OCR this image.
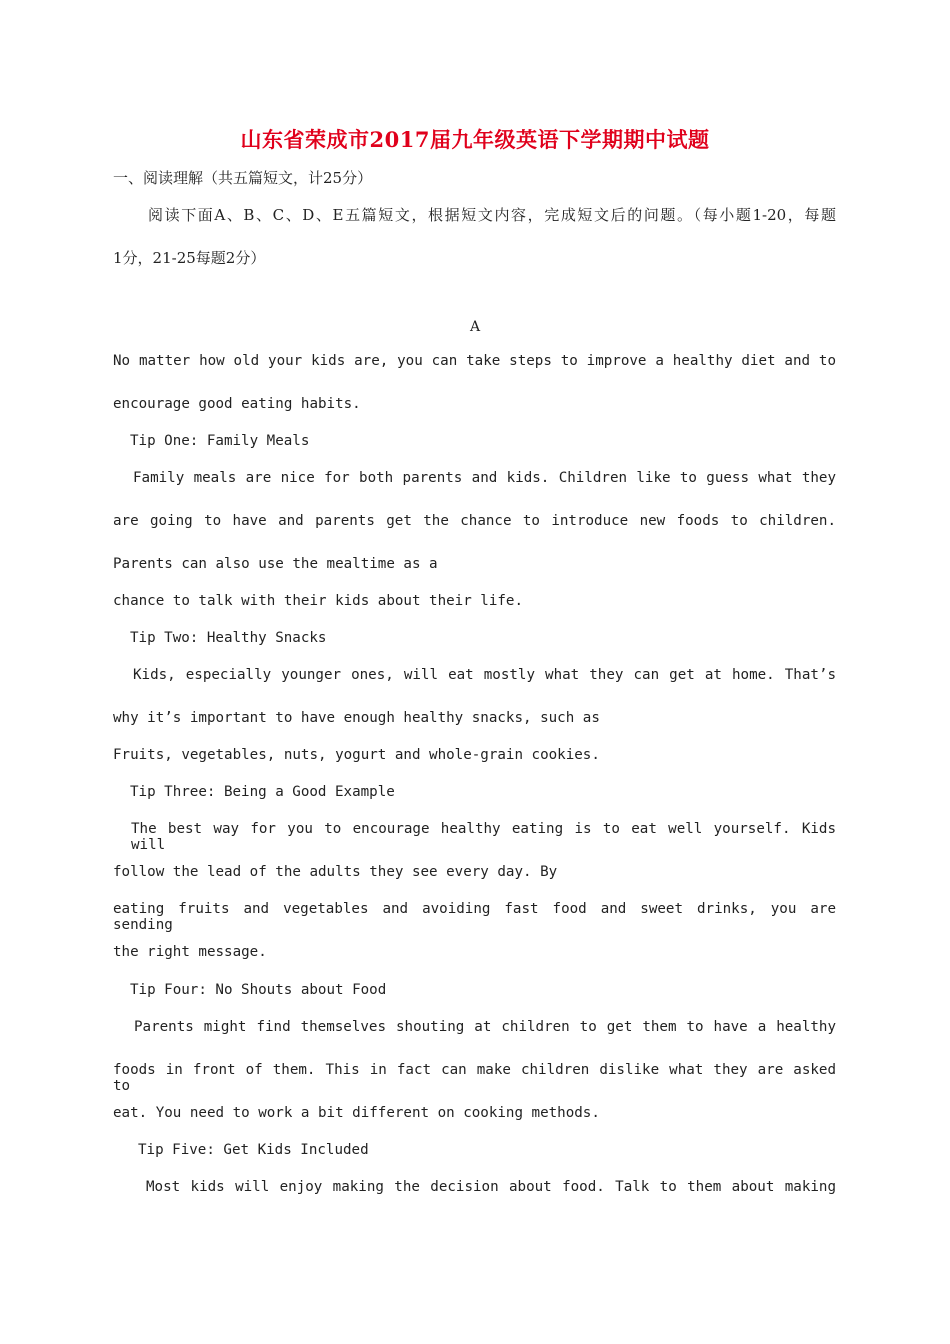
山东省荣成市2017届九年级英语下学期期中试题
一、阅读理解（共五篇短文，计25分）
阅读下面A、B、C、D、E五篇短文，根据短文内容，完成短文后的问题。（每小题1-20，每题
1分，21-25每题2分）
A
No matter how old your kids are, you can take steps to improve a healthy diet and to
encourage good eating habits.
Tip One: Family Meals
Family meals are nice for both parents and kids. Children like to guess what they
are going to have and parents get the chance to introduce new foods to children.
Parents can also use the mealtime as a
chance to talk with their kids about their life.
Tip Two: Healthy Snacks
Kids, especially younger ones, will eat mostly what they can get at home. That’s
why it’s important to have enough healthy snacks, such as
Fruits, vegetables, nuts, yogurt and whole-grain cookies.
Tip Three: Being a Good Example
The best way for you to encourage healthy eating is to eat well yourself. Kids will
follow the lead of the adults they see every day. By
eating fruits and vegetables and avoiding fast food and sweet drinks, you are sending
the right message.
Tip Four: No Shouts about Food
Parents might find themselves shouting at children to get them to have a healthy
foods in front of them. This in fact can make children dislike what they are asked to
eat. You need to work a bit different on cooking methods.
Tip Five: Get Kids Included
Most kids will enjoy making the decision about food. Talk to them about making
